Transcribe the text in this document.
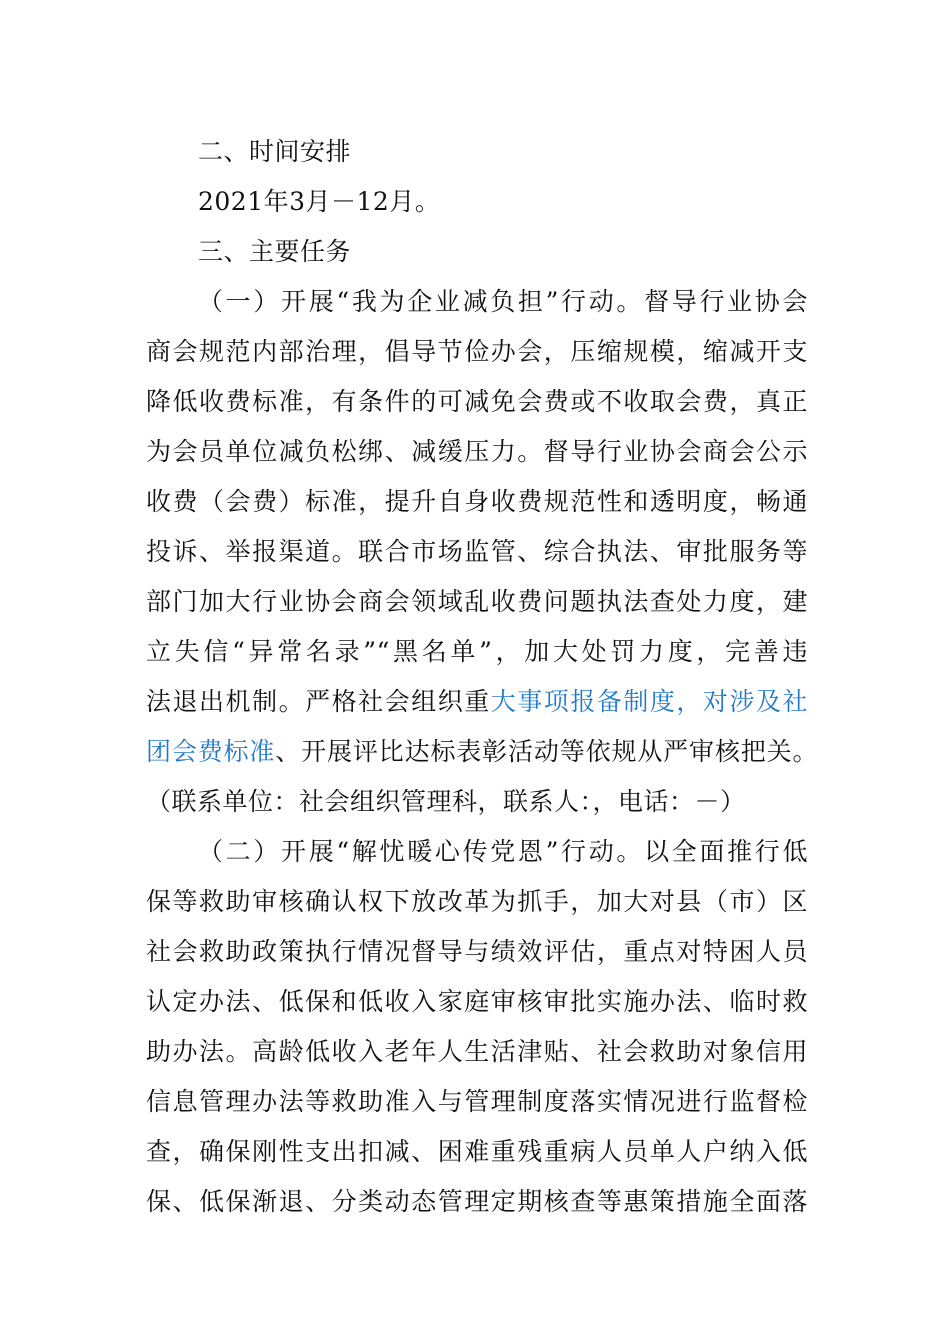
二、时间安排
2021年3月－12月。
三、主要任务
（一）开展“我为企业减负担”行动。督导行业协会
商会规范内部治理，倡导节俭办会，压缩规模，缩减开支
降低收费标准，有条件的可减免会费或不收取会费，真正
为会员单位减负松绑、减缓压力。督导行业协会商会公示
收费（会费）标准，提升自身收费规范性和透明度，畅通
投诉、举报渠道。联合市场监管、综合执法、审批服务等
部门加大行业协会商会领域乱收费问题执法查处力度，建
立失信“异常名录”“黑名单”，加大处罚力度，完善违
法退出机制。严格社会组织重大事项报备制度，对涉及社
团会费标准、开展评比达标表彰活动等依规从严审核把关。
（联系单位：社会组织管理科，联系人：，电话：－）
（二）开展“解忧暖心传党恩”行动。以全面推行低
保等救助审核确认权下放改革为抓手，加大对县（市）区
社会救助政策执行情况督导与绩效评估，重点对特困人员
认定办法、低保和低收入家庭审核审批实施办法、临时救
助办法。高龄低收入老年人生活津贴、社会救助对象信用
信息管理办法等救助准入与管理制度落实情况进行监督检
查，确保刚性支出扣减、困难重残重病人员单人户纳入低
保、低保渐退、分类动态管理定期核查等惠策措施全面落
